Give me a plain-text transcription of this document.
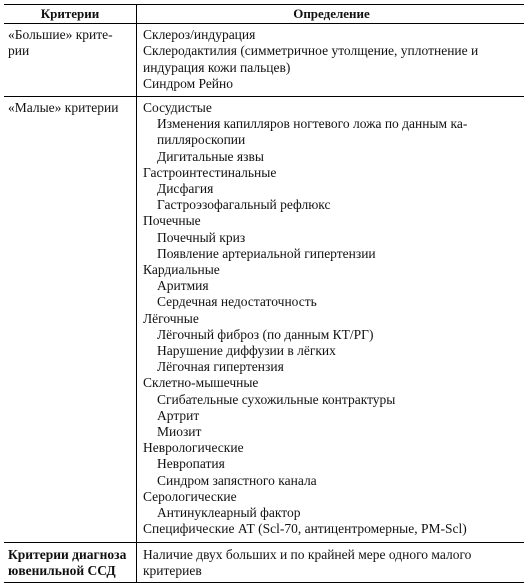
Критерии	Определение
«Большие» крите-
рии
Склероз/индурация
Склеродактилия (симметричное утолщение, уплотнение и
индурация кожи пальцев)
Синдром Рейно
«Малые» критерии	Сосудистые
Изменения капилляров ногтевого ложа по данным ка-
пилляроскопии
Дигитальные язвы
Гастроинтестинальные
Дисфагия
Гастроэзофагальный рефлюкс
Почечные
Почечный криз
Появление артериальной гипертензии
Кардиальные
Аритмия
Сердечная недостаточность
Лёгочные
Лёгочный фиброз (по данным КТ/РГ)
Нарушение диффузии в лёгких
Лёгочная гипертензия
Склетно-мышечные
Сгибательные сухожильные контрактуры
Артрит
Миозит
Неврологические
Невропатия
Синдром запястного канала
Серологические
Антинуклеарный фактор
Специфические АТ (Scl-70, антицентромерные, PM-Scl)
Критерии диагноза
ювенильной ССД
Наличие двух больших и по крайней мере одного малого
критериев
